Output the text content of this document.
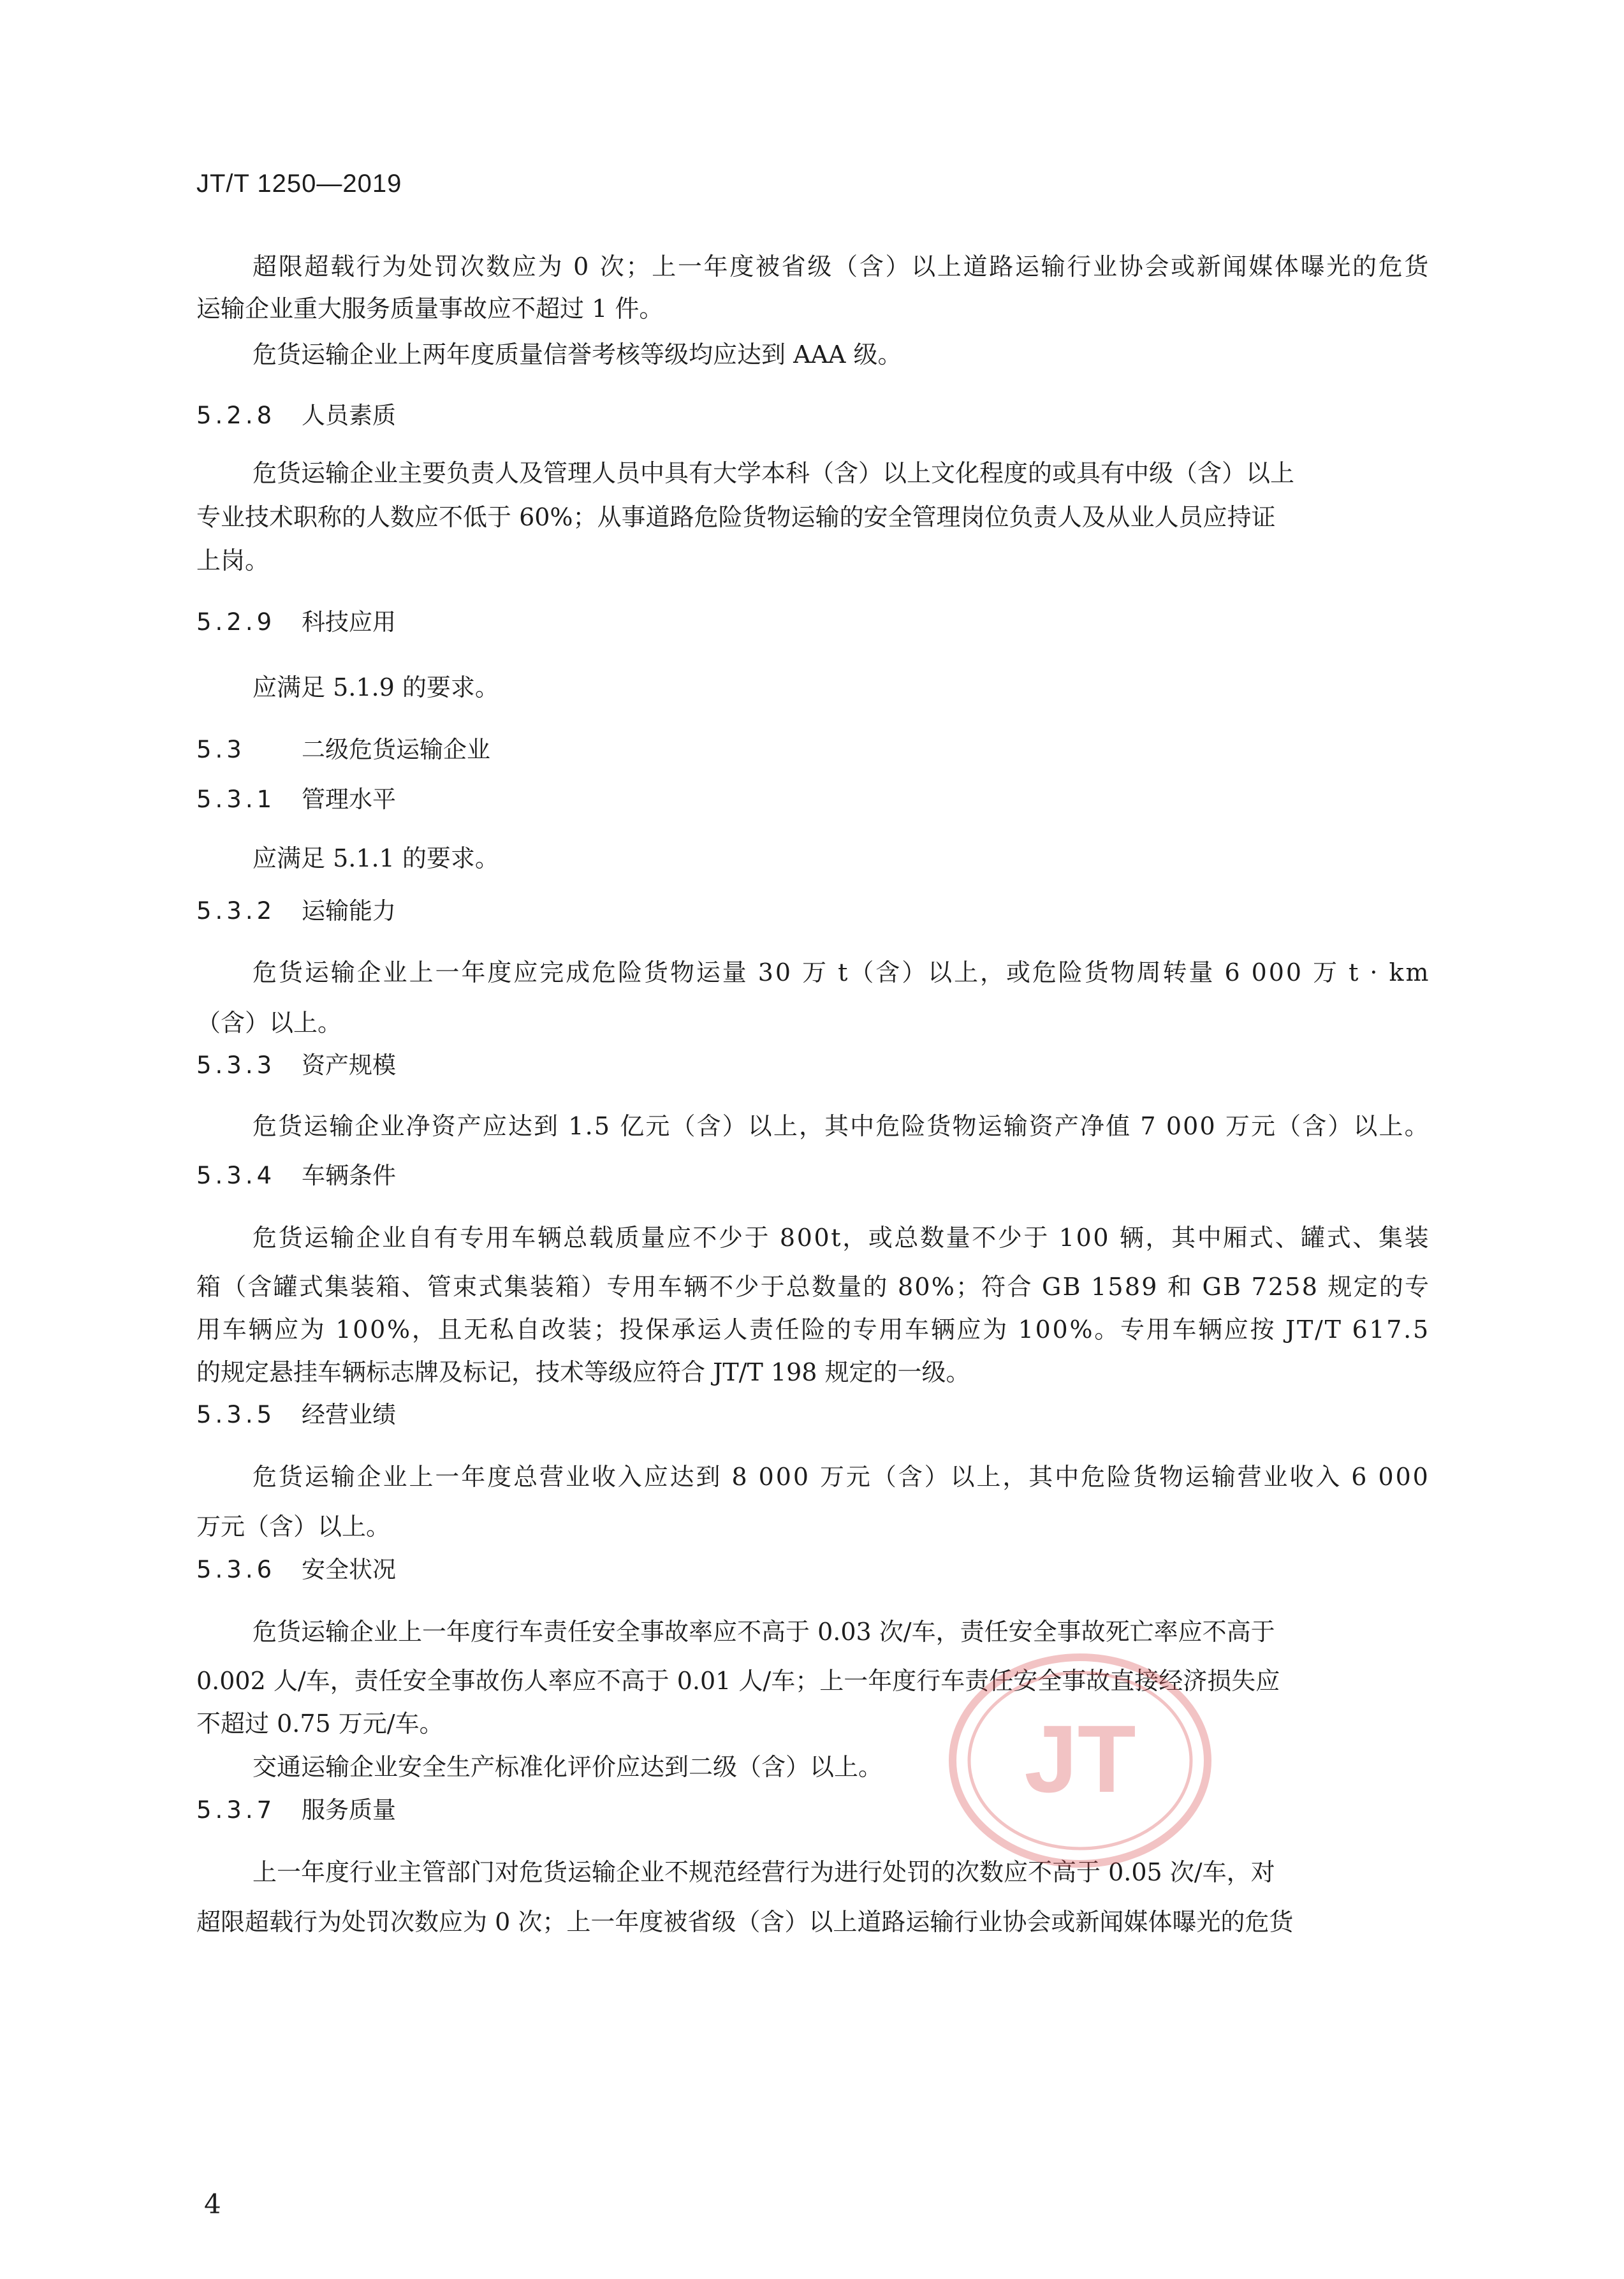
JT/T 1250—2019
超限超载行为处罚次数应为 0 次；上一年度被省级（含）以上道路运输行业协会或新闻媒体曝光的危货
运输企业重大服务质量事故应不超过 1 件。
危货运输企业上两年度质量信誉考核等级均应达到 AAA 级。
5.2.8 人员素质
危货运输企业主要负责人及管理人员中具有大学本科（含）以上文化程度的或具有中级（含）以上
专业技术职称的人数应不低于 60%；从事道路危险货物运输的安全管理岗位负责人及从业人员应持证
上岗。
5.2.9 科技应用
应满足 5.1.9 的要求。
5.3 二级危货运输企业
5.3.1 管理水平
应满足 5.1.1 的要求。
5.3.2 运输能力
危货运输企业上一年度应完成危险货物运量 30 万 t（含）以上，或危险货物周转量 6 000 万 t · km
（含）以上。
5.3.3 资产规模
危货运输企业净资产应达到 1.5 亿元（含）以上，其中危险货物运输资产净值 7 000 万元（含）以上。
5.3.4 车辆条件
危货运输企业自有专用车辆总载质量应不少于 800t，或总数量不少于 100 辆，其中厢式、罐式、集装
箱（含罐式集装箱、管束式集装箱）专用车辆不少于总数量的 80%；符合 GB 1589 和 GB 7258 规定的专
用车辆应为 100%，且无私自改装；投保承运人责任险的专用车辆应为 100%。专用车辆应按 JT/T 617.5
的规定悬挂车辆标志牌及标记，技术等级应符合 JT/T 198 规定的一级。
5.3.5 经营业绩
危货运输企业上一年度总营业收入应达到 8 000 万元（含）以上，其中危险货物运输营业收入 6 000
万元（含）以上。
5.3.6 安全状况
危货运输企业上一年度行车责任安全事故率应不高于 0.03 次/车，责任安全事故死亡率应不高于
0.002 人/车，责任安全事故伤人率应不高于 0.01 人/车；上一年度行车责任安全事故直接经济损失应
不超过 0.75 万元/车。
交通运输企业安全生产标准化评价应达到二级（含）以上。
5.3.7 服务质量
上一年度行业主管部门对危货运输企业不规范经营行为进行处罚的次数应不高于 0.05 次/车，对
超限超载行为处罚次数应为 0 次；上一年度被省级（含）以上道路运输行业协会或新闻媒体曝光的危货
JT
4
